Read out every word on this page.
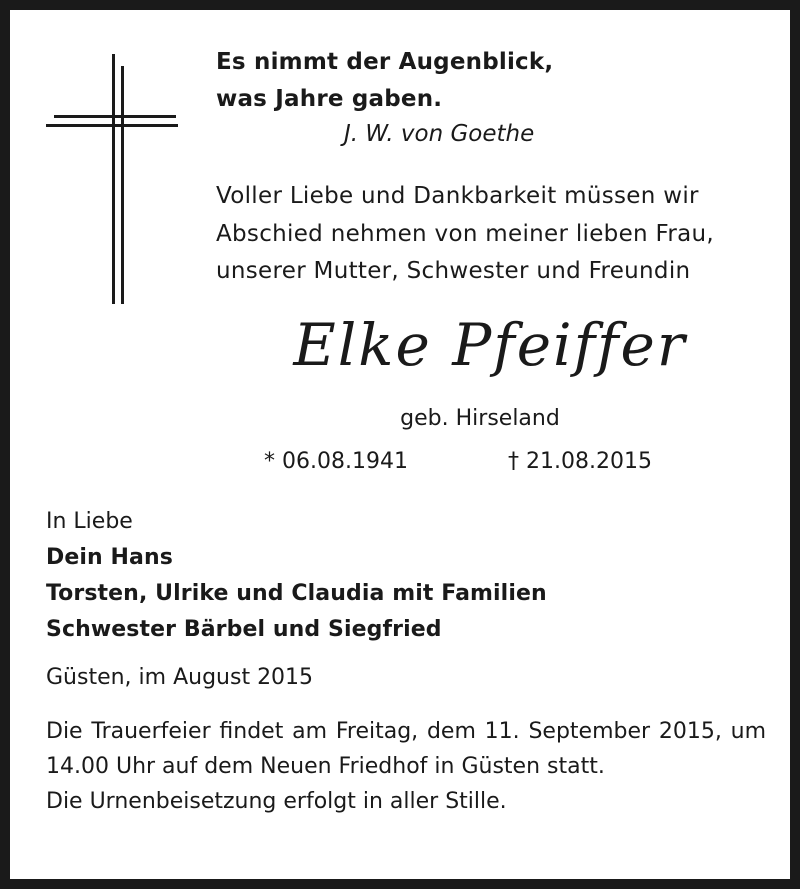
Es nimmt der Augenblick,
was Jahre gaben.
J. W. von Goethe
Voller Liebe und Dankbarkeit müssen wir
Abschied nehmen von meiner lieben Frau,
unserer Mutter, Schwester und Freundin
Elke Pfeiffer
geb. Hirseland
* 06.08.1941	† 21.08.2015
In Liebe
Dein Hans
Torsten, Ulrike und Claudia mit Familien
Schwester Bärbel und Siegfried
Güsten, im August 2015
Die Trauerfeier findet am Freitag, dem 11. September 2015, um 14.00 Uhr auf dem Neuen Friedhof in Güsten statt.
Die Urnenbeisetzung erfolgt in aller Stille.
